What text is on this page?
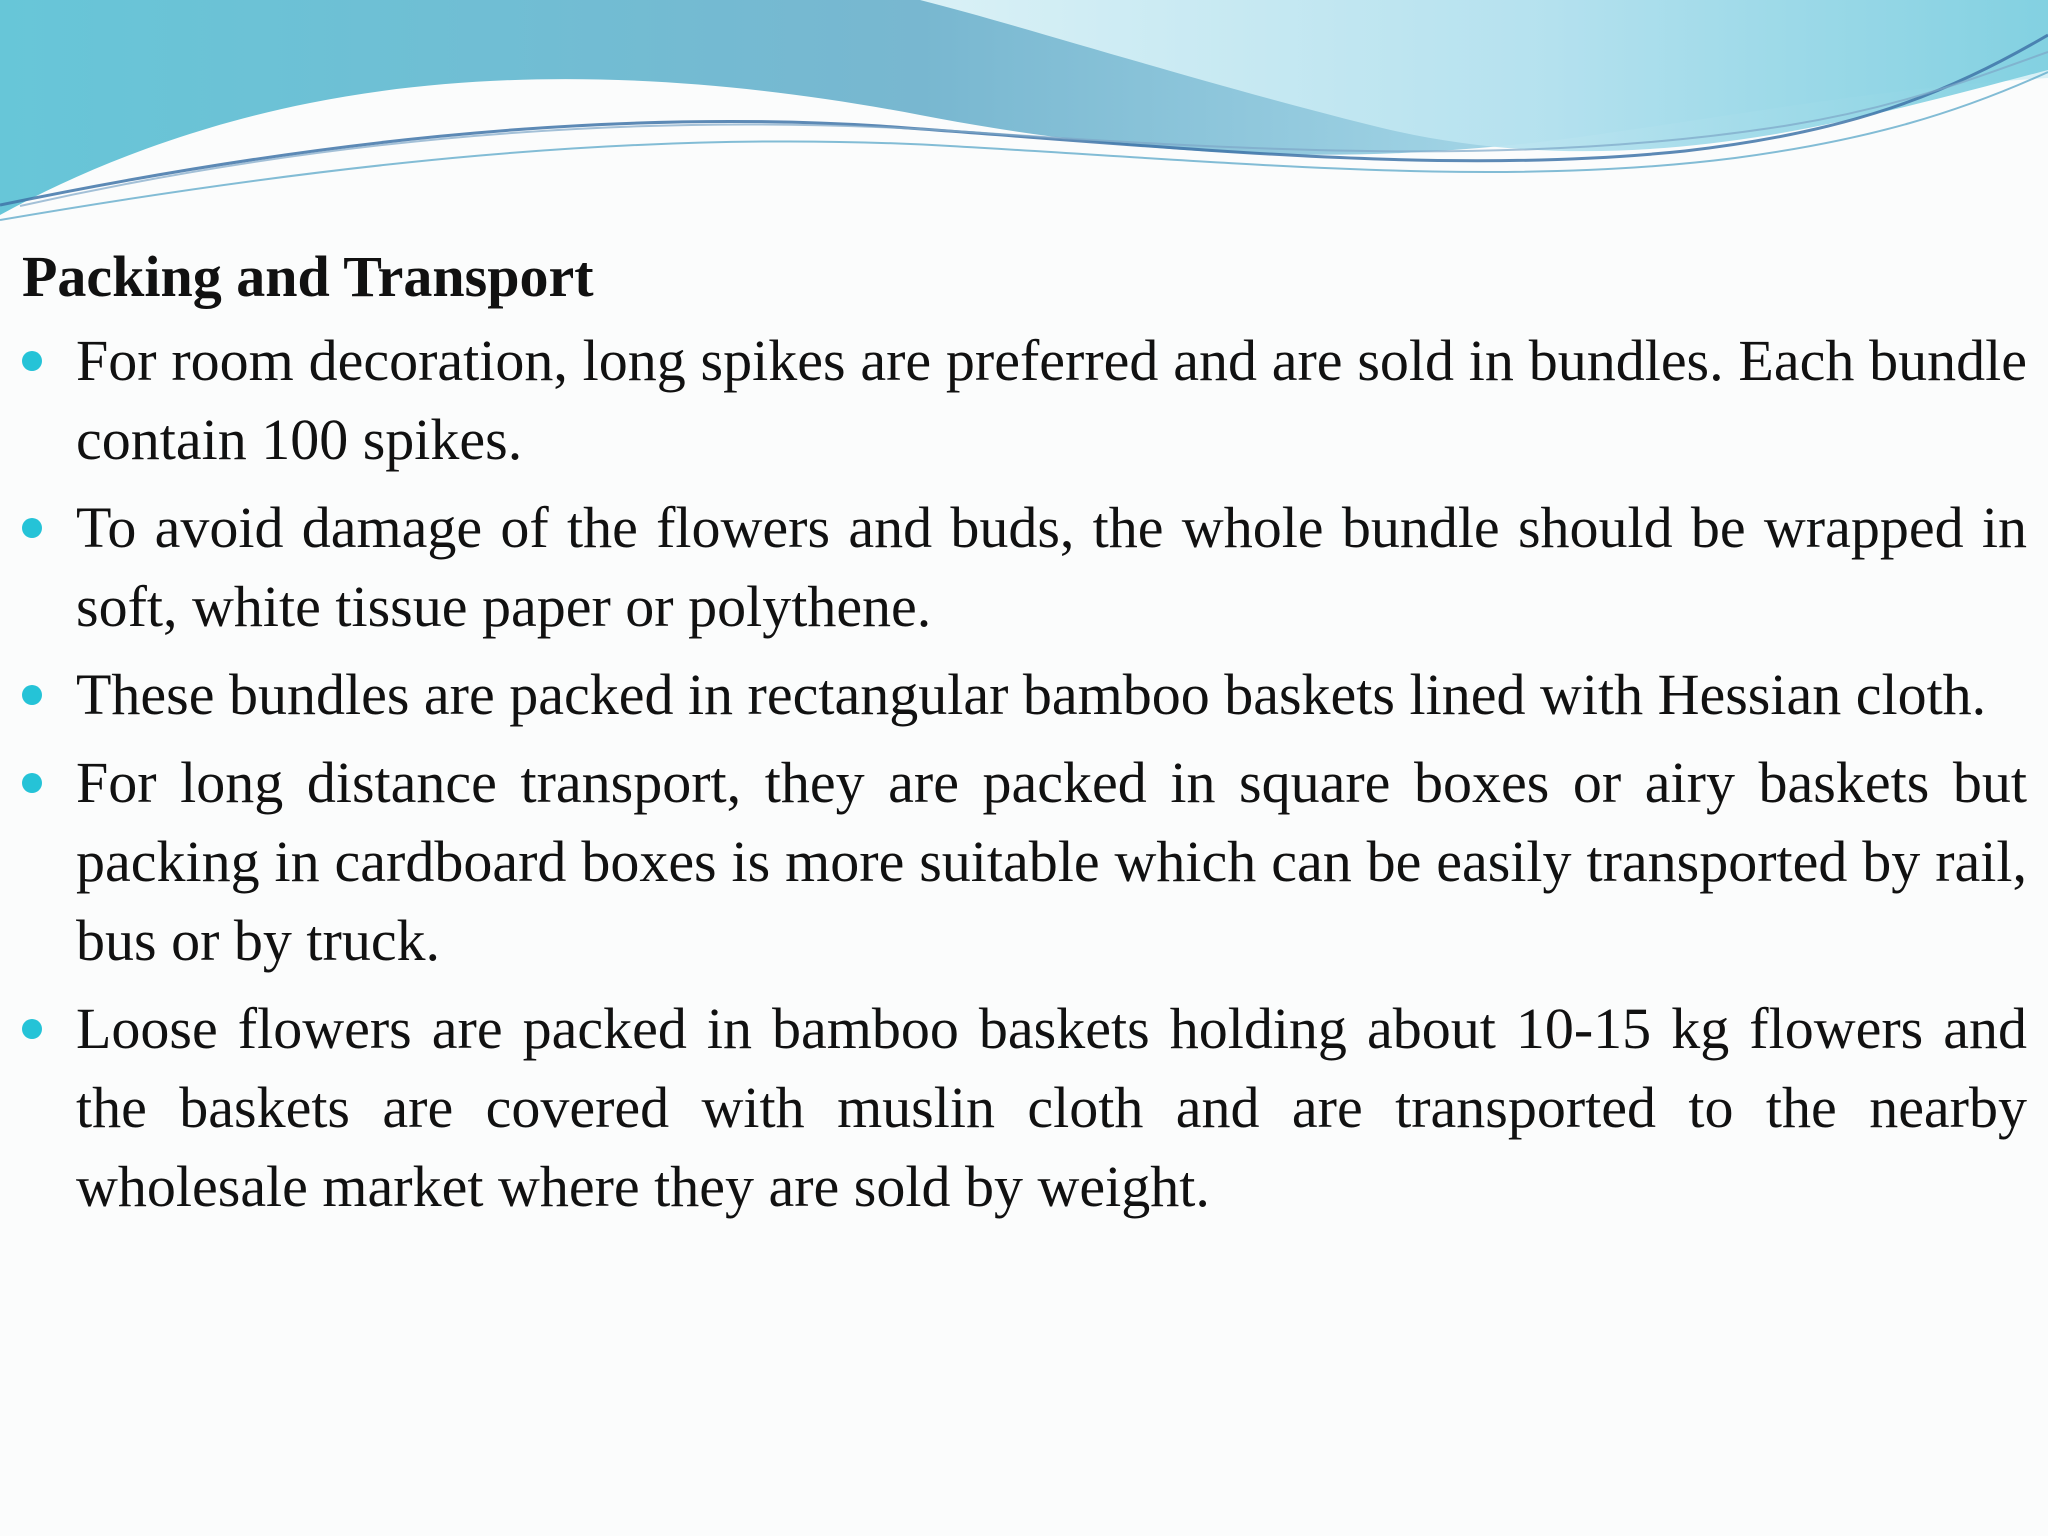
Packing and Transport
For room decoration, long spikes are preferred and are sold in bundles. Each bundle contain 100 spikes.
To avoid damage of the flowers and buds, the whole bundle should be wrapped in soft, white tissue paper or polythene.
These bundles are packed in rectangular bamboo baskets lined with Hessian cloth.
For long distance transport, they are packed in square boxes or airy baskets but packing in cardboard boxes is more suitable which can be easily transported by rail, bus or by truck.
Loose flowers are packed in bamboo baskets holding about 10-15 kg flowers and the baskets are covered with muslin cloth and are transported to the nearby wholesale market where they are sold by weight.
